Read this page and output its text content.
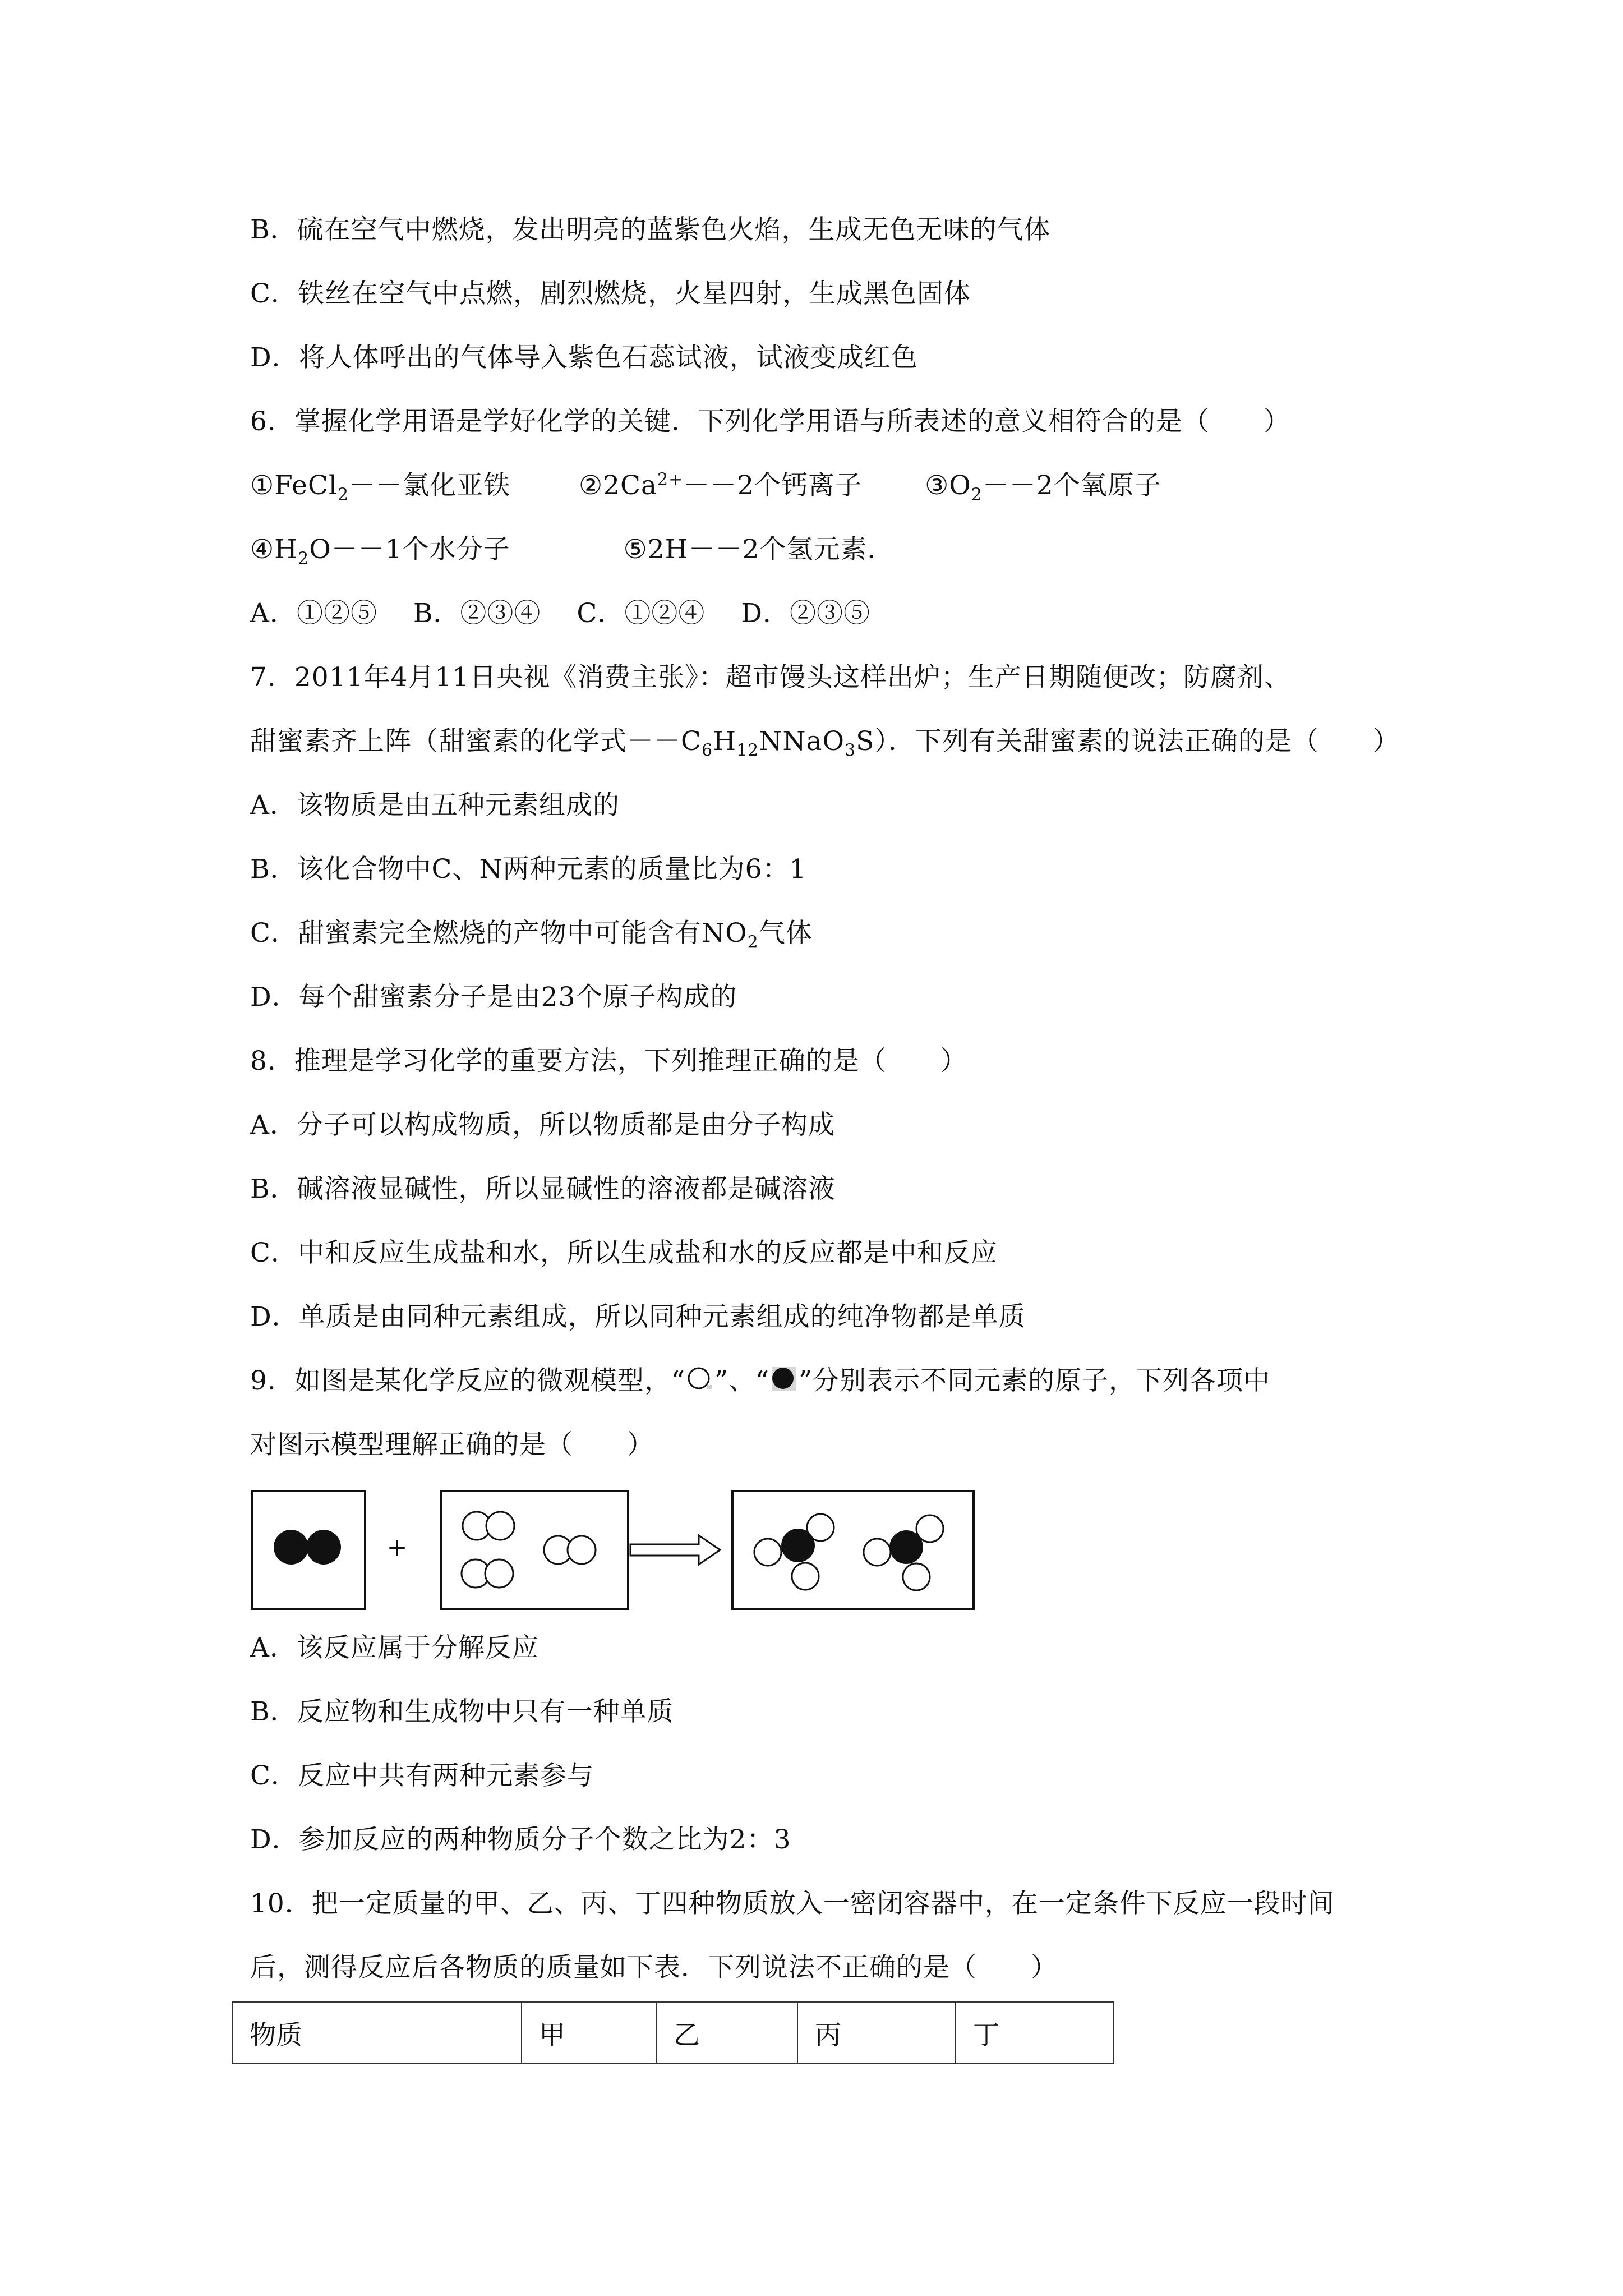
B．硫在空气中燃烧，发出明亮的蓝紫色火焰，生成无色无味的气体
C．铁丝在空气中点燃，剧烈燃烧，火星四射，生成黑色固体
D．将人体呼出的气体导入紫色石蕊试液，试液变成红色
6．掌握化学用语是学好化学的关键．下列化学用语与所表述的意义相符合的是（　　）
①FeCl$_2$－－氯化亚铁	$②2Ca^{2+}--2$个钙离子 $③O_2--2$个氧原子
$④H_2O--1$个水分子	⑤2H－－2个氢元素．
A．①②⑤　 B．②③④　 C．①②④　 D．②③⑤
7．2011年4月11日央视《消费主张》：超市馒头这样出炉；生产日期随便改；防腐剂、
甜蜜素齐上阵（甜蜜素的化学式$--C_6H_{12}NNaO_3S$）．下列有关甜蜜素的说法正确的是（　　）
A．该物质是由五种元素组成的
B．该化合物中C、N两种元素的质量比为6：1
C．甜蜜素完全燃烧的产物中可能含有$NO_2$气体
D．每个甜蜜素分子是由23个原子构成的
8．推理是学习化学的重要方法，下列推理正确的是（　　）
A．分子可以构成物质，所以物质都是由分子构成
B．碱溶液显碱性，所以显碱性的溶液都是碱溶液
C．中和反应生成盐和水，所以生成盐和水的反应都是中和反应
D．单质是由同种元素组成，所以同种元素组成的纯净物都是单质
9．如图是某化学反应的微观模型，“ ”、“ ”分别表示不同元素的原子，下列各项中
对图示模型理解正确的是（　　）
+
A．该反应属于分解反应
B．反应物和生成物中只有一种单质
C．反应中共有两种元素参与
D．参加反应的两种物质分子个数之比为2：3
10．把一定质量的甲、乙、丙、丁四种物质放入一密闭容器中，在一定条件下反应一段时间
后，测得反应后各物质的质量如下表．下列说法不正确的是（　　）
物质	甲	乙	丙	丁
